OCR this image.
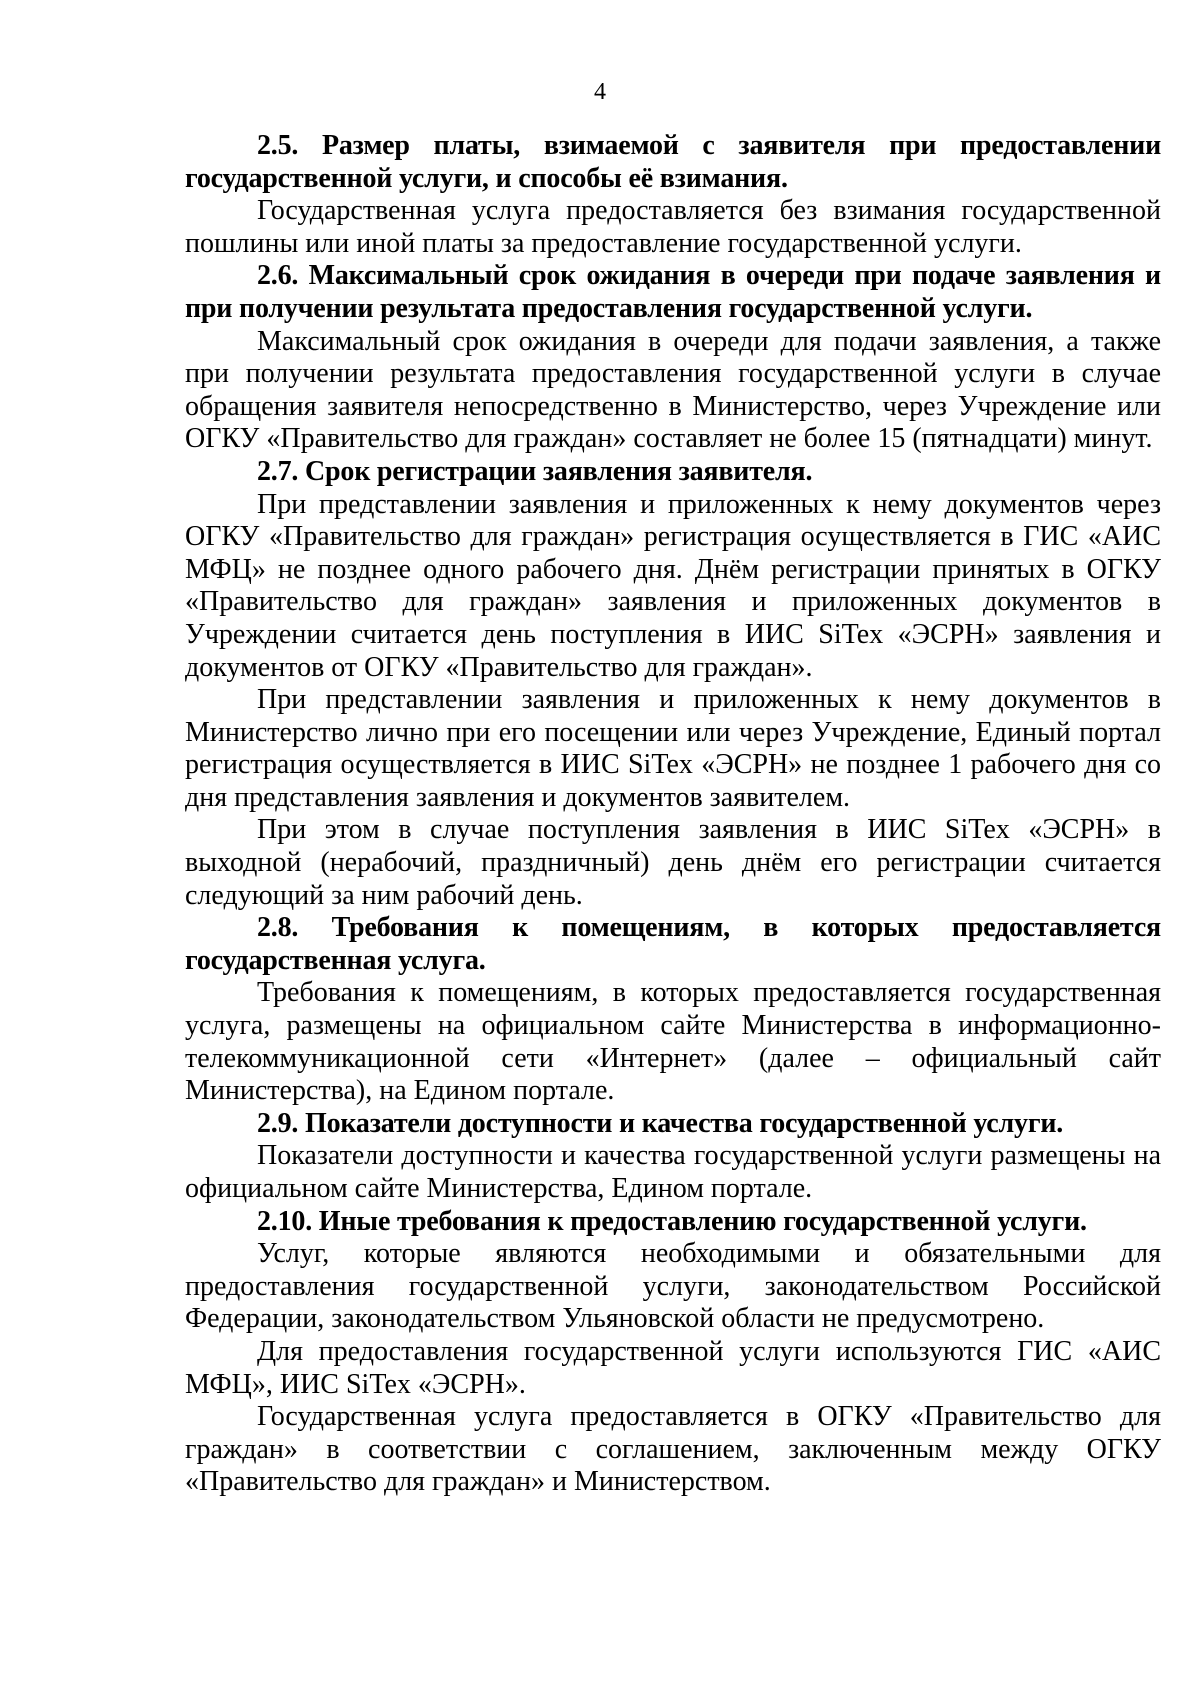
4

2.5. Размер платы, взимаемой с заявителя при предоставлении государственной услуги, и способы её взимания.

Государственная услуга предоставляется без взимания государственной пошлины или иной платы за предоставление государственной услуги.

2.6. Максимальный срок ожидания в очереди при подаче заявления и при получении результата предоставления государственной услуги.

Максимальный срок ожидания в очереди для подачи заявления, а также при получении результата предоставления государственной услуги в случае обращения заявителя непосредственно в Министерство, через Учреждение или ОГКУ «Правительство для граждан» составляет не более 15 (пятнадцати) минут.

2.7. Срок регистрации заявления заявителя.

При представлении заявления и приложенных к нему документов через ОГКУ «Правительство для граждан» регистрация осуществляется в ГИС «АИС МФЦ» не позднее одного рабочего дня. Днём регистрации принятых в ОГКУ «Правительство для граждан» заявления и приложенных документов в Учреждении считается день поступления в ИИС SiTex «ЭСРН» заявления и документов от ОГКУ «Правительство для граждан».

При представлении заявления и приложенных к нему документов в Министерство лично при его посещении или через Учреждение, Единый портал регистрация осуществляется в ИИС SiTex «ЭСРН» не позднее 1 рабочего дня со дня представления заявления и документов заявителем.

При этом в случае поступления заявления в ИИС SiTex «ЭСРН» в выходной (нерабочий, праздничный) день днём его регистрации считается следующий за ним рабочий день.

2.8. Требования к помещениям, в которых предоставляется государственная услуга.

Требования к помещениям, в которых предоставляется государственная услуга, размещены на официальном сайте Министерства в информационно-телекоммуникационной сети «Интернет» (далее – официальный сайт Министерства), на Едином портале.

2.9. Показатели доступности и качества государственной услуги.

Показатели доступности и качества государственной услуги размещены на официальном сайте Министерства, Едином портале.

2.10. Иные требования к предоставлению государственной услуги.

Услуг, которые являются необходимыми и обязательными для предоставления государственной услуги, законодательством Российской Федерации, законодательством Ульяновской области не предусмотрено.

Для предоставления государственной услуги используются ГИС «АИС МФЦ», ИИС SiTex «ЭСРН».

Государственная услуга предоставляется в ОГКУ «Правительство для граждан» в соответствии с соглашением, заключенным между ОГКУ «Правительство для граждан» и Министерством.
